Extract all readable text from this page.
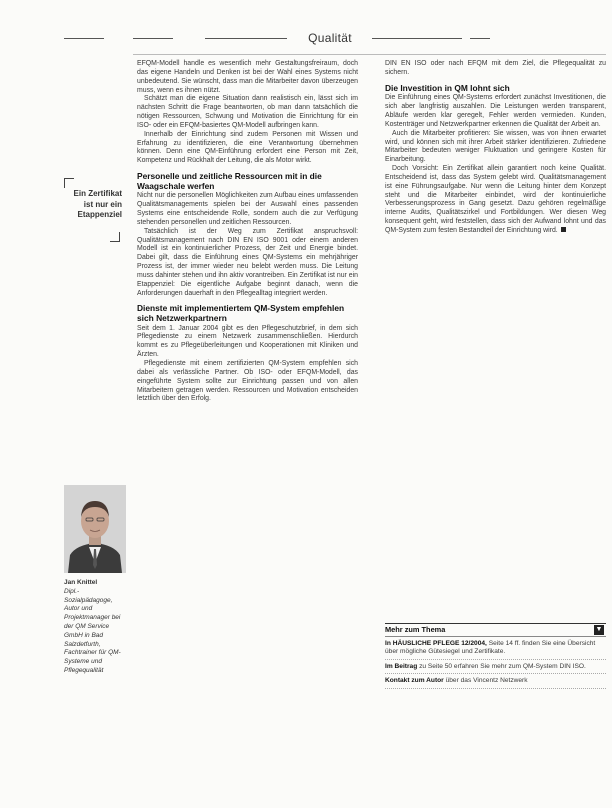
Qualität
Ein Zertifikat ist nur ein Etappenziel
Jan Knittel
Dipl.-Sozialpädagoge, Autor und Projektmanager bei der QM Service GmbH in Bad Salzdetfurth, Fachtrainer für QM-Systeme und Pflegequalität

EFQM-Modell handle es wesentlich mehr Gestaltungsfreiraum, doch das eigene Handeln und Denken ist bei der Wahl eines Systems nicht unbedeutend. Sie wünscht, dass man die Mitarbeiter davon überzeugen muss, wenn es ihnen nützt.

Schätzt man die eigene Situation dann realistisch ein, lässt sich im nächsten Schritt die Frage beantworten, ob man dann tatsächlich die nötigen Ressourcen, Schwung und Motivation die Einrichtung für ein ISO- oder ein EFQM-basiertes QM-Modell aufbringen kann.

Innerhalb der Einrichtung sind zudem Personen mit Wissen und Erfahrung zu identifizieren, die eine Verantwortung übernehmen können. Denn eine QM-Einführung erfordert eine Person mit Zeit, Kompetenz und Rückhalt der Leitung, die als Motor wirkt.

Personelle und zeitliche Ressourcen mit in die Waagschale werfen

Nicht nur die personellen Möglichkeiten zum Aufbau eines umfassenden Qualitätsmanagements spielen bei der Auswahl eines passenden Systems eine entscheidende Rolle, sondern auch die zur Verfügung stehenden personellen und zeitlichen Ressourcen.

Tatsächlich ist der Weg zum Zertifikat anspruchsvoll: Qualitätsmanagement nach DIN EN ISO 9001 oder einem anderen Modell ist ein kontinuierlicher Prozess, der Zeit und Energie bindet. Dabei gilt, dass die Einführung eines QM-Systems ein mehrjähriger Prozess ist, der immer wieder neu belebt werden muss. Die Leitung muss dahinter stehen und ihn aktiv vorantreiben. Ein Zertifikat ist nur ein Etappenziel: Die eigentliche Aufgabe beginnt danach, wenn die Anforderungen dauerhaft in den Pflegealltag integriert werden.

Dienste mit implementiertem QM-System empfehlen sich Netzwerkpartnern

Seit dem 1. Januar 2004 gibt es den Pflegeschutzbrief, in dem sich Pflegedienste zu einem Netzwerk zusammenschließen. Hierdurch kommt es zu Pflegeüberleitungen und Kooperationen mit Kliniken und Ärzten.

Pflegedienste mit einem zertifizierten QM-System empfehlen sich dabei als verlässliche Partner. Ob ISO- oder EFQM-Modell, das eingeführte System sollte zur Einrichtung passen und von allen Mitarbeitern getragen werden. Ressourcen und Motivation entscheiden letztlich über den Erfolg.

DIN EN ISO oder nach EFQM mit dem Ziel, die Pflegequalität zu sichern.

Die Investition in QM lohnt sich

Die Einführung eines QM-Systems erfordert zunächst Investitionen, die sich aber langfristig auszahlen. Die Leistungen werden transparent, Abläufe werden klar geregelt, Fehler werden vermieden. Kunden, Kostenträger und Netzwerkpartner erkennen die Qualität der Arbeit an.

Auch die Mitarbeiter profitieren: Sie wissen, was von ihnen erwartet wird, und können sich mit ihrer Arbeit stärker identifizieren. Zufriedene Mitarbeiter bedeuten weniger Fluktuation und geringere Kosten für Einarbeitung.

Doch Vorsicht: Ein Zertifikat allein garantiert noch keine Qualität. Entscheidend ist, dass das System gelebt wird. Qualitätsmanagement ist eine Führungsaufgabe. Nur wenn die Leitung hinter dem Konzept steht und die Mitarbeiter einbindet, wird der kontinuierliche Verbesserungsprozess in Gang gesetzt. Dazu gehören regelmäßige interne Audits, Qualitätszirkel und Fortbildungen. Wer diesen Weg konsequent geht, wird feststellen, dass sich der Aufwand lohnt und das QM-System zum festen Bestandteil der Einrichtung wird.

Mehr zum Thema	▼

In HÄUSLICHE PFLEGE 12/2004, Seite 14 ff. finden Sie eine Übersicht über mögliche Gütesiegel und Zertifikate.

Im Beitrag zu Seite 50 erfahren Sie mehr zum QM-System DIN ISO.

Kontakt zum Autor über das Vincentz Netzwerk
